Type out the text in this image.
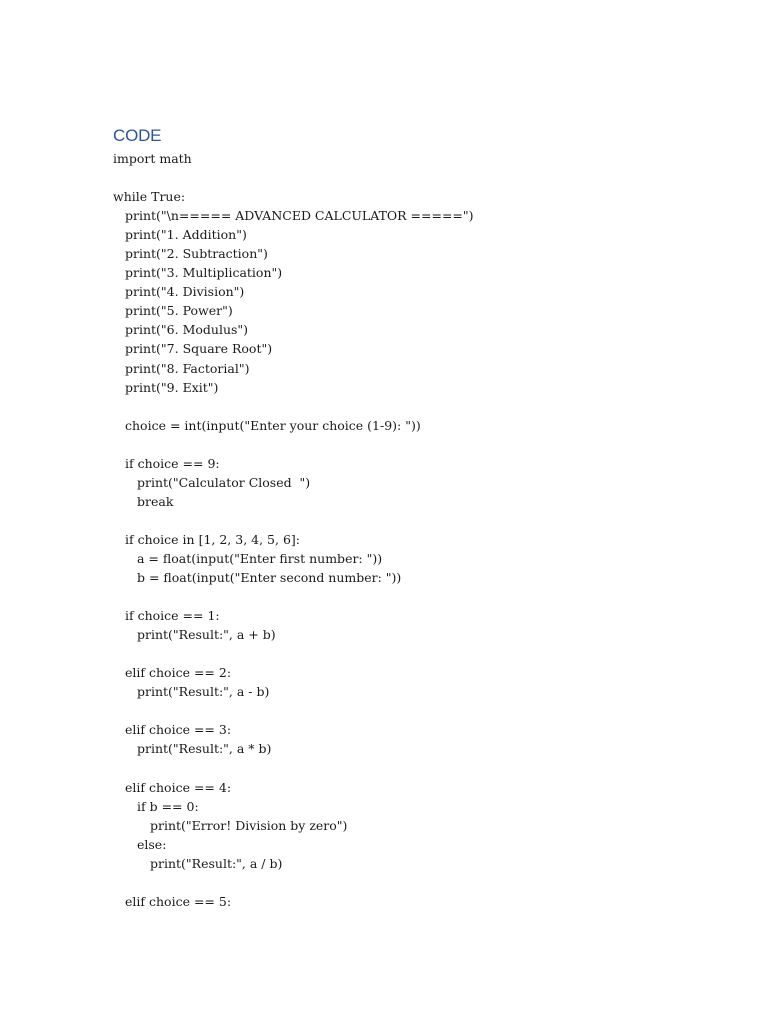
CODE
import math
while True:
print("\n===== ADVANCED CALCULATOR =====")
print("1. Addition")
print("2. Subtraction")
print("3. Multiplication")
print("4. Division")
print("5. Power")
print("6. Modulus")
print("7. Square Root")
print("8. Factorial")
print("9. Exit")
choice = int(input("Enter your choice (1-9): "))
if choice == 9:
print("Calculator Closed  ")
break
if choice in [1, 2, 3, 4, 5, 6]:
a = float(input("Enter first number: "))
b = float(input("Enter second number: "))
if choice == 1:
print("Result:", a + b)
elif choice == 2:
print("Result:", a - b)
elif choice == 3:
print("Result:", a * b)
elif choice == 4:
if b == 0:
print("Error! Division by zero")
else:
print("Result:", a / b)
elif choice == 5:
